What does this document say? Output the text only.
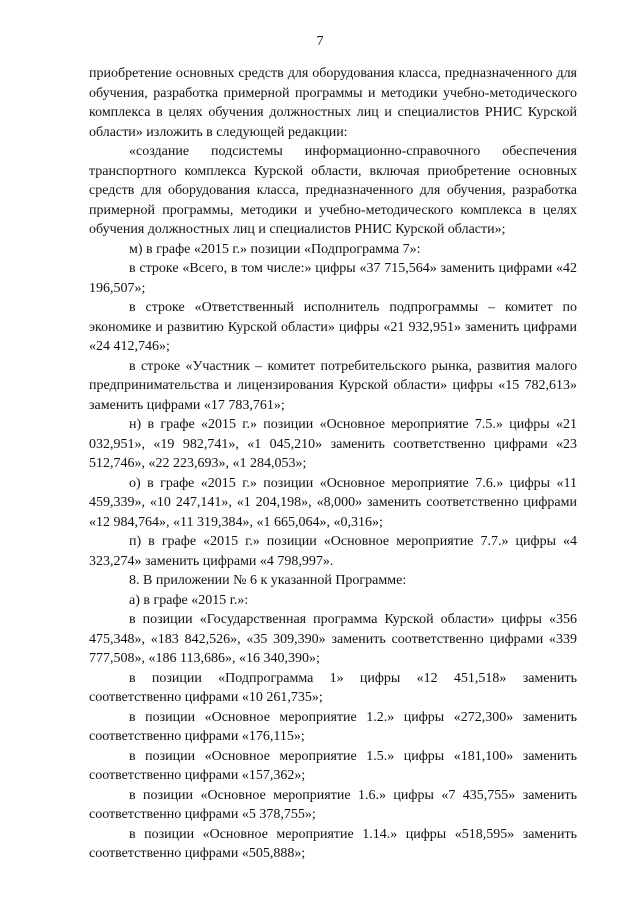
7

приобретение основных средств для оборудования класса, предназначенного для обучения, разработка примерной программы и методики учебно-методического комплекса в целях обучения должностных лиц и специалистов РНИС Курской области» изложить в следующей редакции:

«создание подсистемы информационно-справочного обеспечения транспортного комплекса Курской области, включая приобретение основных средств для оборудования класса, предназначенного для обучения, разработка примерной программы, методики и учебно-методического комплекса в целях обучения должностных лиц и специалистов РНИС Курской области»;

м) в графе «2015 г.» позиции «Подпрограмма 7»:

в строке «Всего, в том числе:» цифры «37 715,564» заменить цифрами «42 196,507»;

в строке «Ответственный исполнитель подпрограммы – комитет по экономике и развитию Курской области» цифры «21 932,951» заменить цифрами «24 412,746»;

в строке «Участник – комитет потребительского рынка, развития малого предпринимательства и лицензирования Курской области» цифры «15 782,613» заменить цифрами «17 783,761»;

н) в графе «2015 г.» позиции «Основное мероприятие 7.5.» цифры «21 032,951», «19 982,741», «1 045,210» заменить соответственно цифрами «23 512,746», «22 223,693», «1 284,053»;

о) в графе «2015 г.» позиции «Основное мероприятие 7.6.» цифры «11 459,339», «10 247,141», «1 204,198», «8,000» заменить соответственно цифрами «12 984,764», «11 319,384», «1 665,064», «0,316»;

п) в графе «2015 г.» позиции «Основное мероприятие 7.7.» цифры «4 323,274» заменить цифрами «4 798,997».

8. В приложении № 6 к указанной Программе:

а) в графе «2015 г.»:

в позиции «Государственная программа Курской области» цифры «356 475,348», «183 842,526», «35 309,390» заменить соответственно цифрами «339 777,508», «186 113,686», «16 340,390»;

в позиции «Подпрограмма 1» цифры «12 451,518» заменить соответственно цифрами «10 261,735»;

в позиции «Основное мероприятие 1.2.» цифры «272,300» заменить соответственно цифрами «176,115»;

в позиции «Основное мероприятие 1.5.» цифры «181,100» заменить соответственно цифрами «157,362»;

в позиции «Основное мероприятие 1.6.» цифры «7 435,755» заменить соответственно цифрами «5 378,755»;

в позиции «Основное мероприятие 1.14.» цифры «518,595» заменить соответственно цифрами «505,888»;
